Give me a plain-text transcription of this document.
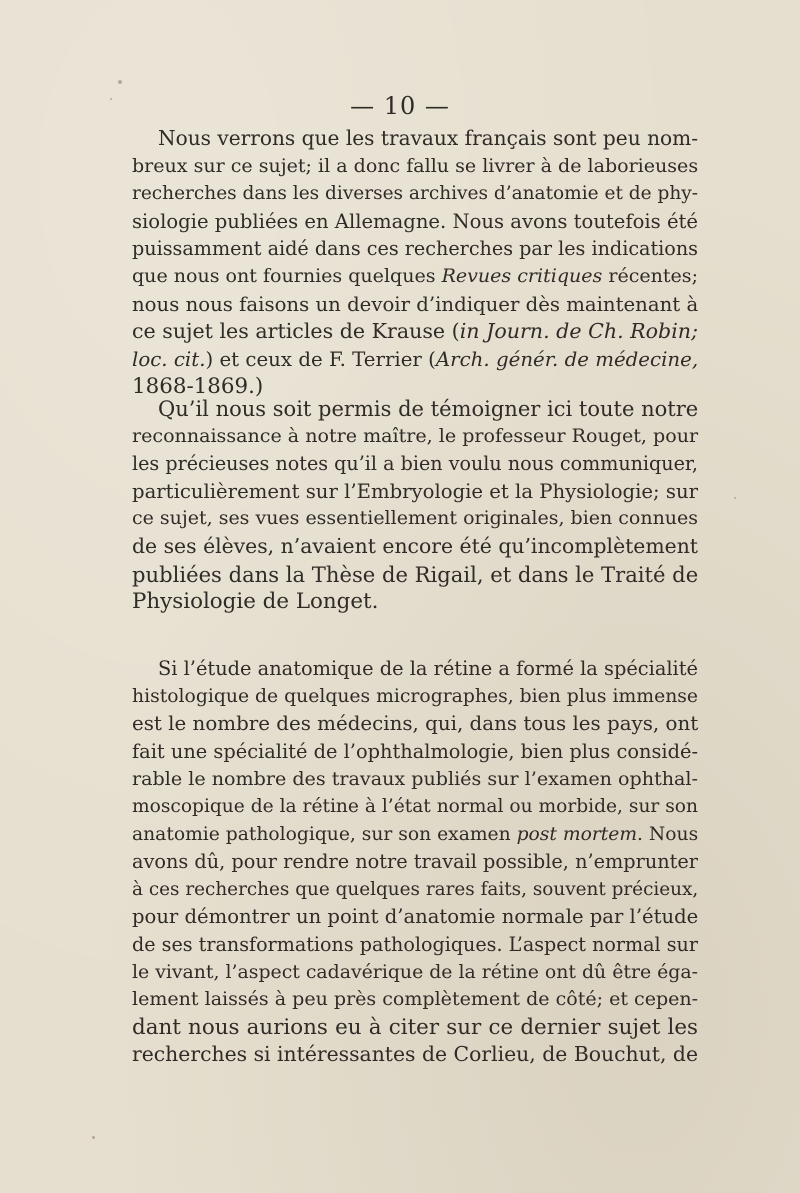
— 10 —
Nous verrons que les travaux français sont peu nom-
breux sur ce sujet; il a donc fallu se livrer à de laborieuses
recherches dans les diverses archives d’anatomie et de phy-
siologie publiées en Allemagne. Nous avons toutefois été
puissamment aidé dans ces recherches par les indications
que nous ont fournies quelques Revues critiques récentes;
nous nous faisons un devoir d’indiquer dès maintenant à
ce sujet les articles de Krause (in Journ. de Ch. Robin;
loc. cit.) et ceux de F. Terrier (Arch. génér. de médecine,
1868-1869.)
Qu’il nous soit permis de témoigner ici toute notre
reconnaissance à notre maître, le professeur Rouget, pour
les précieuses notes qu’il a bien voulu nous communiquer,
particulièrement sur l’Embryologie et la Physiologie; sur
ce sujet, ses vues essentiellement originales, bien connues
de ses élèves, n’avaient encore été qu’incomplètement
publiées dans la Thèse de Rigail, et dans le Traité de
Physiologie de Longet.
Si l’étude anatomique de la rétine a formé la spécialité
histologique de quelques micrographes, bien plus immense
est le nombre des médecins, qui, dans tous les pays, ont
fait une spécialité de l’ophthalmologie, bien plus considé-
rable le nombre des travaux publiés sur l’examen ophthal-
moscopique de la rétine à l’état normal ou morbide, sur son
anatomie pathologique, sur son examen post mortem. Nous
avons dû, pour rendre notre travail possible, n’emprunter
à ces recherches que quelques rares faits, souvent précieux,
pour démontrer un point d’anatomie normale par l’étude
de ses transformations pathologiques. L’aspect normal sur
le vivant, l’aspect cadavérique de la rétine ont dû être éga-
lement laissés à peu près complètement de côté; et cepen-
dant nous aurions eu à citer sur ce dernier sujet les
recherches si intéressantes de Corlieu, de Bouchut, de
